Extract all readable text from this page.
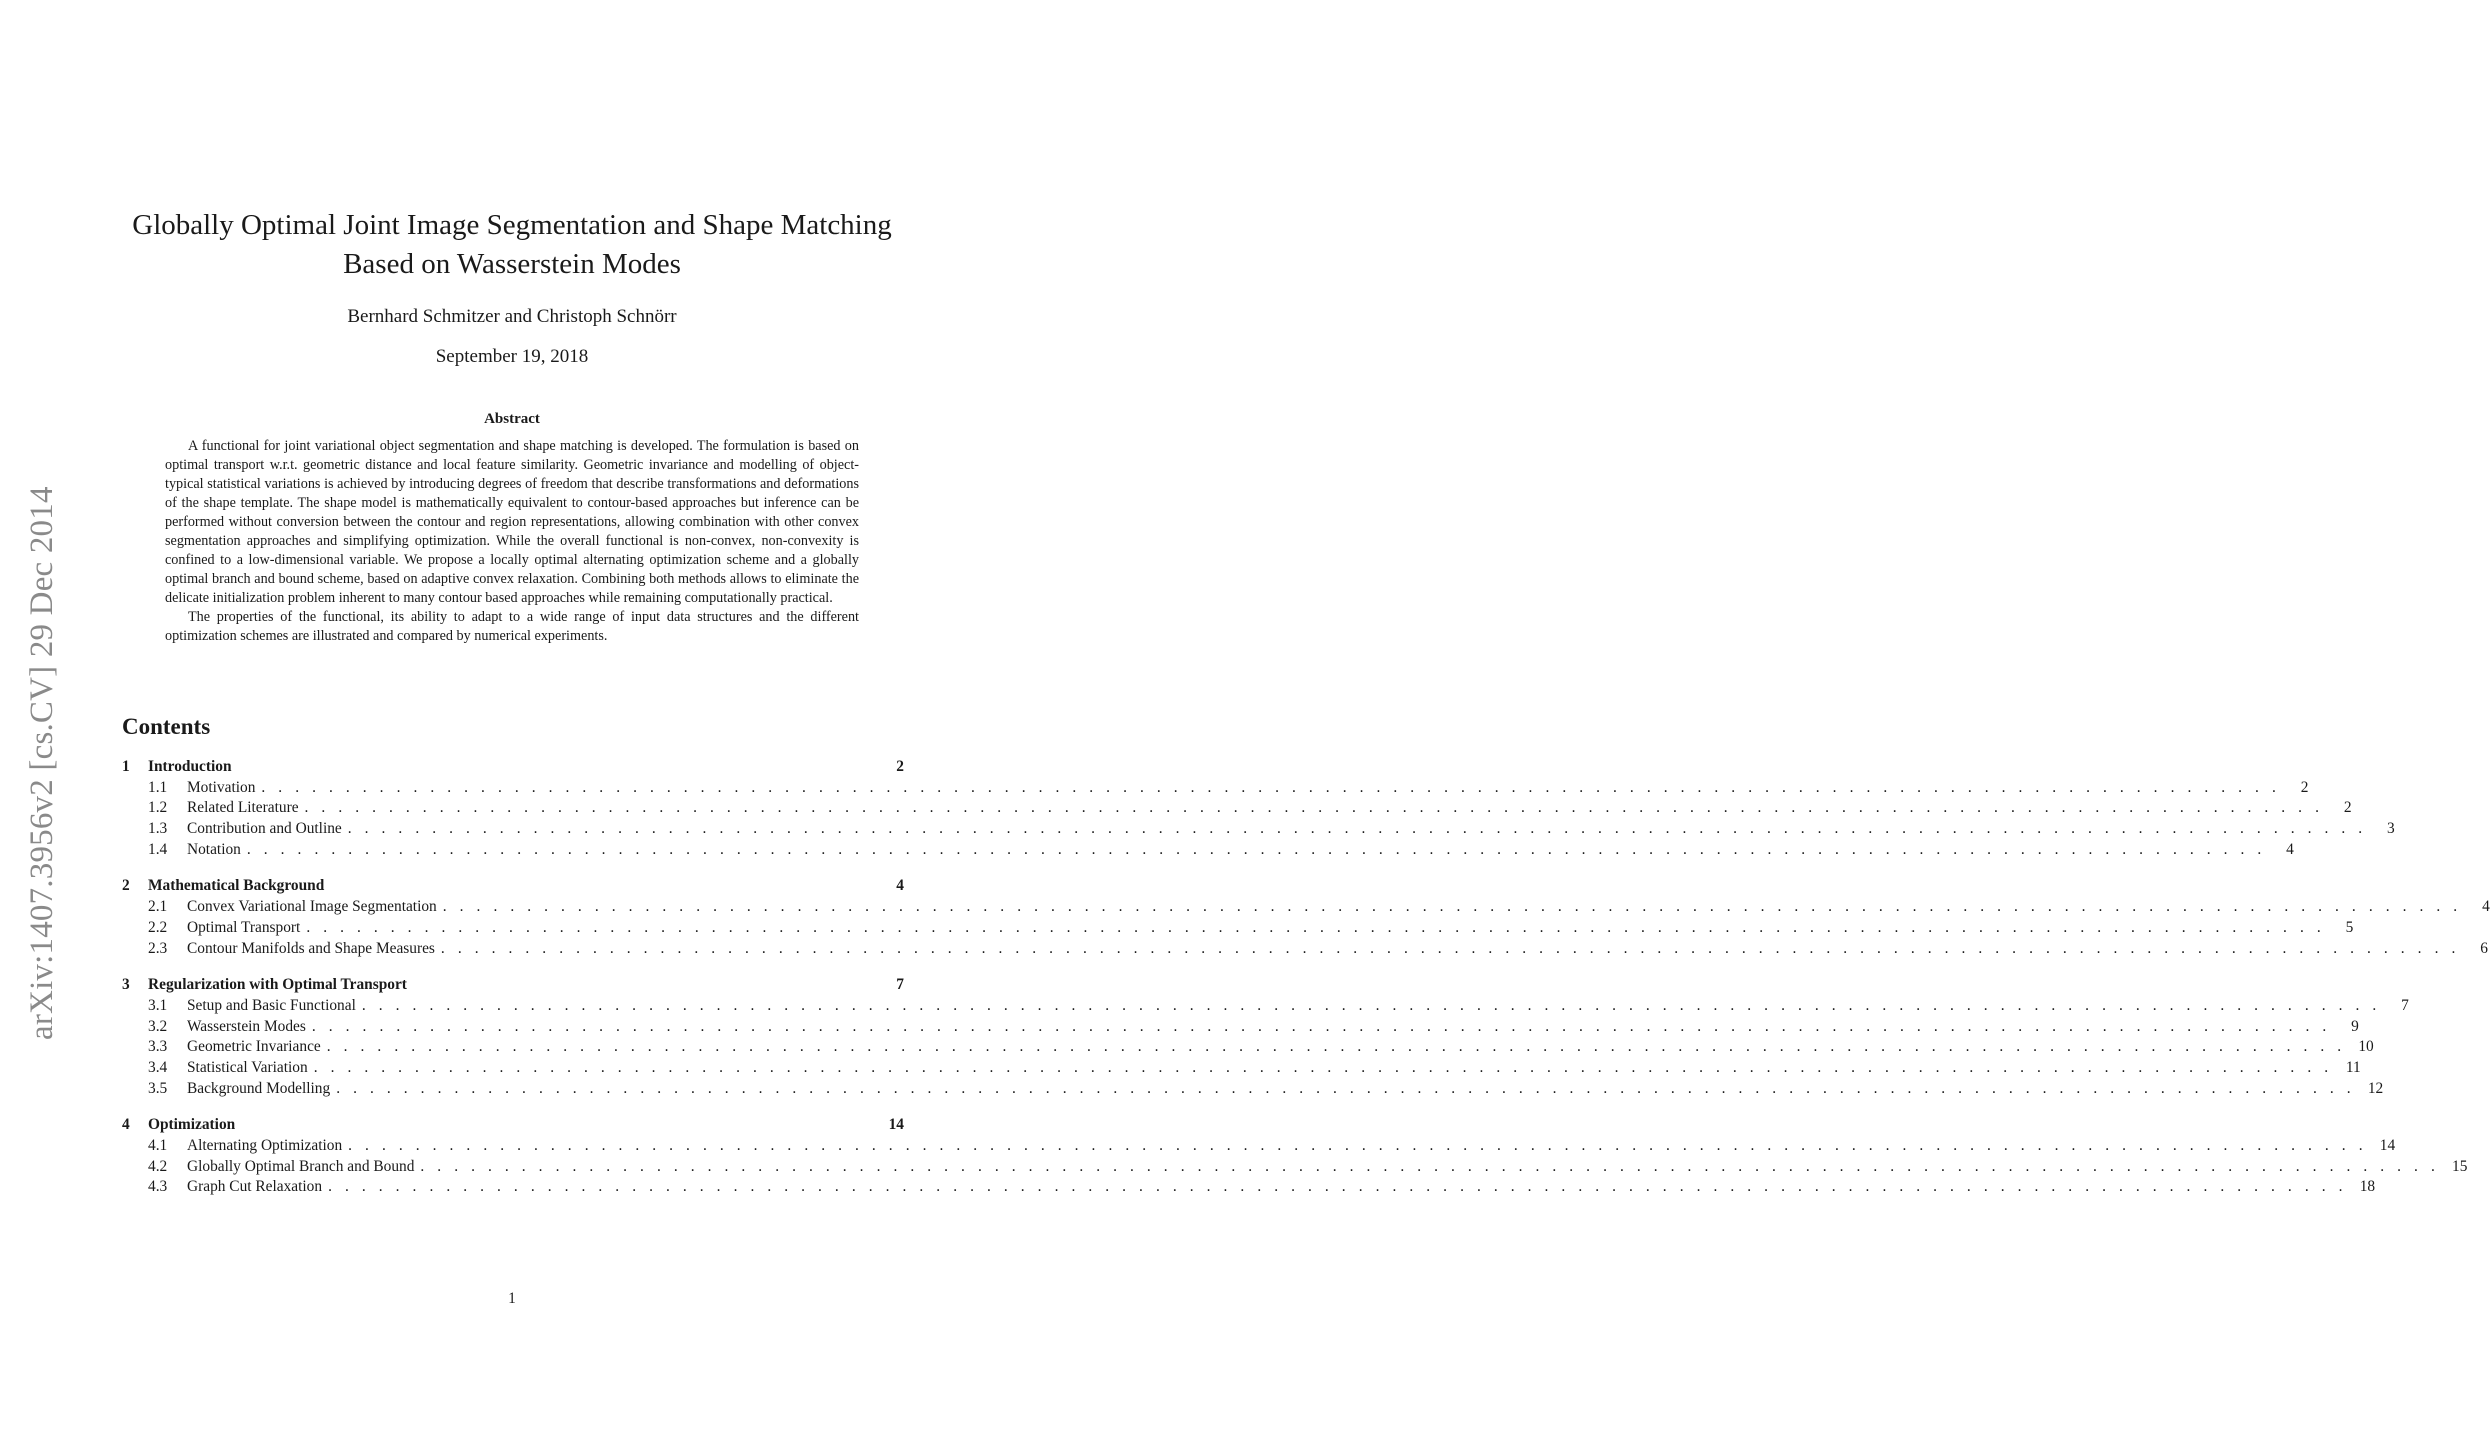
arXiv:1407.3956v2 [cs.CV] 29 Dec 2014
Globally Optimal Joint Image Segmentation and Shape Matching
Based on Wasserstein Modes
Bernhard Schmitzer and Christoph Schnörr
September 19, 2018
Abstract

A functional for joint variational object segmentation and shape matching is developed. The formulation is based on optimal transport w.r.t. geometric distance and local feature similarity. Geometric invariance and modelling of object-typical statistical variations is achieved by introducing degrees of freedom that describe transformations and deformations of the shape template. The shape model is mathematically equivalent to contour-based approaches but inference can be performed without conversion between the contour and region representations, allowing combination with other convex segmentation approaches and simplifying optimization. While the overall functional is non-convex, non-convexity is confined to a low-dimensional variable. We propose a locally optimal alternating optimization scheme and a globally optimal branch and bound scheme, based on adaptive convex relaxation. Combining both methods allows to eliminate the delicate initialization problem inherent to many contour based approaches while remaining computationally practical.

The properties of the functional, its ability to adapt to a wide range of input data structures and the different optimization schemes are illustrated and compared by numerical experiments.

Contents
1	Introduction	2
1.1	Motivation . . . . . . . . . . . . . . . . . . . . . . . . . . . . . . . . . . . . . . . . . . . . . . . . . . . . . . . . . . . . . . . . . . . . . . . . . . . . . . . . . . . . . . . . . . . . . . . . . . . . . . . . . . . . . . . . . . . . . . . .	2
1.2	Related Literature . . . . . . . . . . . . . . . . . . . . . . . . . . . . . . . . . . . . . . . . . . . . . . . . . . . . . . . . . . . . . . . . . . . . . . . . . . . . . . . . . . . . . . . . . . . . . . . . . . . . . . . . . . . . . . . . . . . . . . . .	2
1.3	Contribution and Outline . . . . . . . . . . . . . . . . . . . . . . . . . . . . . . . . . . . . . . . . . . . . . . . . . . . . . . . . . . . . . . . . . . . . . . . . . . . . . . . . . . . . . . . . . . . . . . . . . . . . . . . . . . . . . . . . . . . . . . . .	3
1.4	Notation . . . . . . . . . . . . . . . . . . . . . . . . . . . . . . . . . . . . . . . . . . . . . . . . . . . . . . . . . . . . . . . . . . . . . . . . . . . . . . . . . . . . . . . . . . . . . . . . . . . . . . . . . . . . . . . . . . . . . . . .	4
2	Mathematical Background	4
2.1	Convex Variational Image Segmentation . . . . . . . . . . . . . . . . . . . . . . . . . . . . . . . . . . . . . . . . . . . . . . . . . . . . . . . . . . . . . . . . . . . . . . . . . . . . . . . . . . . . . . . . . . . . . . . . . . . . . . . . . . . . . . . . . . . . . . . .	4
2.2	Optimal Transport . . . . . . . . . . . . . . . . . . . . . . . . . . . . . . . . . . . . . . . . . . . . . . . . . . . . . . . . . . . . . . . . . . . . . . . . . . . . . . . . . . . . . . . . . . . . . . . . . . . . . . . . . . . . . . . . . . . . . . . .	5
2.3	Contour Manifolds and Shape Measures . . . . . . . . . . . . . . . . . . . . . . . . . . . . . . . . . . . . . . . . . . . . . . . . . . . . . . . . . . . . . . . . . . . . . . . . . . . . . . . . . . . . . . . . . . . . . . . . . . . . . . . . . . . . . . . . . . . . . . . .	6
3	Regularization with Optimal Transport	7
3.1	Setup and Basic Functional . . . . . . . . . . . . . . . . . . . . . . . . . . . . . . . . . . . . . . . . . . . . . . . . . . . . . . . . . . . . . . . . . . . . . . . . . . . . . . . . . . . . . . . . . . . . . . . . . . . . . . . . . . . . . . . . . . . . . . . .	7
3.2	Wasserstein Modes . . . . . . . . . . . . . . . . . . . . . . . . . . . . . . . . . . . . . . . . . . . . . . . . . . . . . . . . . . . . . . . . . . . . . . . . . . . . . . . . . . . . . . . . . . . . . . . . . . . . . . . . . . . . . . . . . . . . . . . .	9
3.3	Geometric Invariance . . . . . . . . . . . . . . . . . . . . . . . . . . . . . . . . . . . . . . . . . . . . . . . . . . . . . . . . . . . . . . . . . . . . . . . . . . . . . . . . . . . . . . . . . . . . . . . . . . . . . . . . . . . . . . . . . . . . . . . . 10
3.4	Statistical Variation . . . . . . . . . . . . . . . . . . . . . . . . . . . . . . . . . . . . . . . . . . . . . . . . . . . . . . . . . . . . . . . . . . . . . . . . . . . . . . . . . . . . . . . . . . . . . . . . . . . . . . . . . . . . . . . . . . . . . . . . 11
3.5	Background Modelling . . . . . . . . . . . . . . . . . . . . . . . . . . . . . . . . . . . . . . . . . . . . . . . . . . . . . . . . . . . . . . . . . . . . . . . . . . . . . . . . . . . . . . . . . . . . . . . . . . . . . . . . . . . . . . . . . . . . . . . . 12
4	Optimization	14
4.1	Alternating Optimization . . . . . . . . . . . . . . . . . . . . . . . . . . . . . . . . . . . . . . . . . . . . . . . . . . . . . . . . . . . . . . . . . . . . . . . . . . . . . . . . . . . . . . . . . . . . . . . . . . . . . . . . . . . . . . . . . . . . . . . . 14
4.2	Globally Optimal Branch and Bound . . . . . . . . . . . . . . . . . . . . . . . . . . . . . . . . . . . . . . . . . . . . . . . . . . . . . . . . . . . . . . . . . . . . . . . . . . . . . . . . . . . . . . . . . . . . . . . . . . . . . . . . . . . . . . . . . . . . . . . . 15
4.3	Graph Cut Relaxation . . . . . . . . . . . . . . . . . . . . . . . . . . . . . . . . . . . . . . . . . . . . . . . . . . . . . . . . . . . . . . . . . . . . . . . . . . . . . . . . . . . . . . . . . . . . . . . . . . . . . . . . . . . . . . . . . . . . . . . . 18
1
